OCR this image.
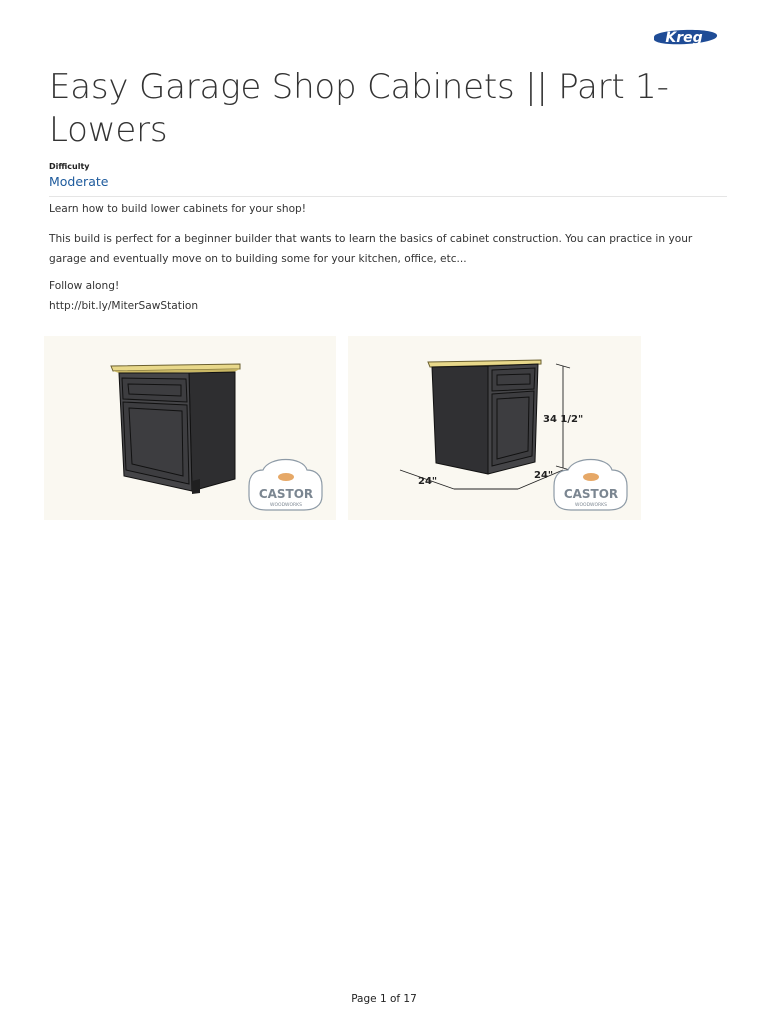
Kreg
Easy Garage Shop Cabinets || Part 1- Lowers
Difficulty
Moderate
Learn how to build lower cabinets for your shop!
This build is perfect for a beginner builder that wants to learn the basics of cabinet construction. You can practice in your garage and eventually move on to building some for your kitchen, office, etc...
Follow along!
http://bit.ly/MiterSawStation
CASTOR
WOODWORKS
34 1/2"
24"
24"
CASTOR
WOODWORKS
Page 1 of 17
